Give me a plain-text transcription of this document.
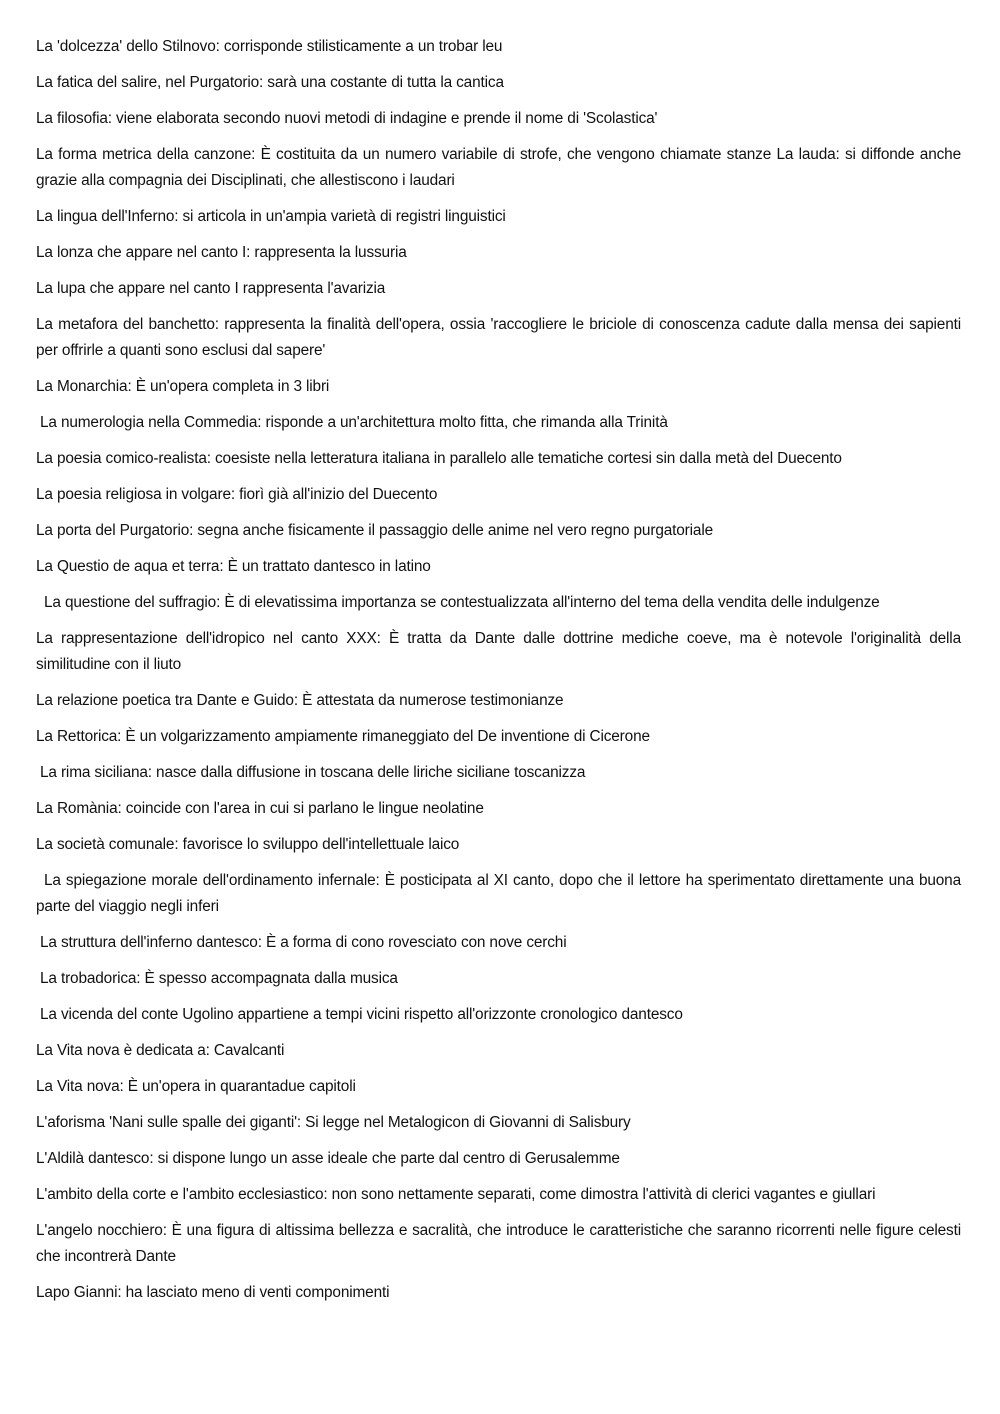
La 'dolcezza' dello Stilnovo: corrisponde stilisticamente a un trobar leu

La fatica del salire, nel Purgatorio: sarà una costante di tutta la cantica

La filosofia: viene elaborata secondo nuovi metodi di indagine e prende il nome di 'Scolastica'

La forma metrica della canzone: È costituita da un numero variabile di strofe, che vengono chiamate stanze La lauda: si diffonde anche grazie alla compagnia dei Disciplinati, che allestiscono i laudari

La lingua dell'Inferno: si articola in un'ampia varietà di registri linguistici

La lonza che appare nel canto I: rappresenta la lussuria

La lupa che appare nel canto I rappresenta l'avarizia

La metafora del banchetto: rappresenta la finalità dell'opera, ossia 'raccogliere le briciole di conoscenza cadute dalla mensa dei sapienti per offrirle a quanti sono esclusi dal sapere'

La Monarchia: È un'opera completa in 3 libri

La numerologia nella Commedia: risponde a un'architettura molto fitta, che rimanda alla Trinità

La poesia comico-realista: coesiste nella letteratura italiana in parallelo alle tematiche cortesi sin dalla metà del Duecento

La poesia religiosa in volgare: fiorì già all'inizio del Duecento

La porta del Purgatorio: segna anche fisicamente il passaggio delle anime nel vero regno purgatoriale

La Questio de aqua et terra: È un trattato dantesco in latino

La questione del suffragio: È di elevatissima importanza se contestualizzata all'interno del tema della vendita delle indulgenze

La rappresentazione dell'idropico nel canto XXX: È tratta da Dante dalle dottrine mediche coeve, ma è notevole l'originalità della similitudine con il liuto

La relazione poetica tra Dante e Guido: È attestata da numerose testimonianze

La Rettorica: È un volgarizzamento ampiamente rimaneggiato del De inventione di Cicerone

La rima siciliana: nasce dalla diffusione in toscana delle liriche siciliane toscanizza

La Romània: coincide con l'area in cui si parlano le lingue neolatine

La società comunale: favorisce lo sviluppo dell'intellettuale laico

La spiegazione morale dell'ordinamento infernale: È posticipata al XI canto, dopo che il lettore ha sperimentato direttamente una buona parte del viaggio negli inferi

La struttura dell'inferno dantesco: È a forma di cono rovesciato con nove cerchi

La trobadorica: È spesso accompagnata dalla musica

La vicenda del conte Ugolino appartiene a tempi vicini rispetto all'orizzonte cronologico dantesco

La Vita nova è dedicata a: Cavalcanti

La Vita nova: È un'opera in quarantadue capitoli

L'aforisma 'Nani sulle spalle dei giganti': Si legge nel Metalogicon di Giovanni di Salisbury

L'Aldilà dantesco: si dispone lungo un asse ideale che parte dal centro di Gerusalemme

L'ambito della corte e l'ambito ecclesiastico: non sono nettamente separati, come dimostra l'attività di clerici vagantes e giullari

L'angelo nocchiero: È una figura di altissima bellezza e sacralità, che introduce le caratteristiche che saranno ricorrenti nelle figure celesti che incontrerà Dante

Lapo Gianni: ha lasciato meno di venti componimenti
